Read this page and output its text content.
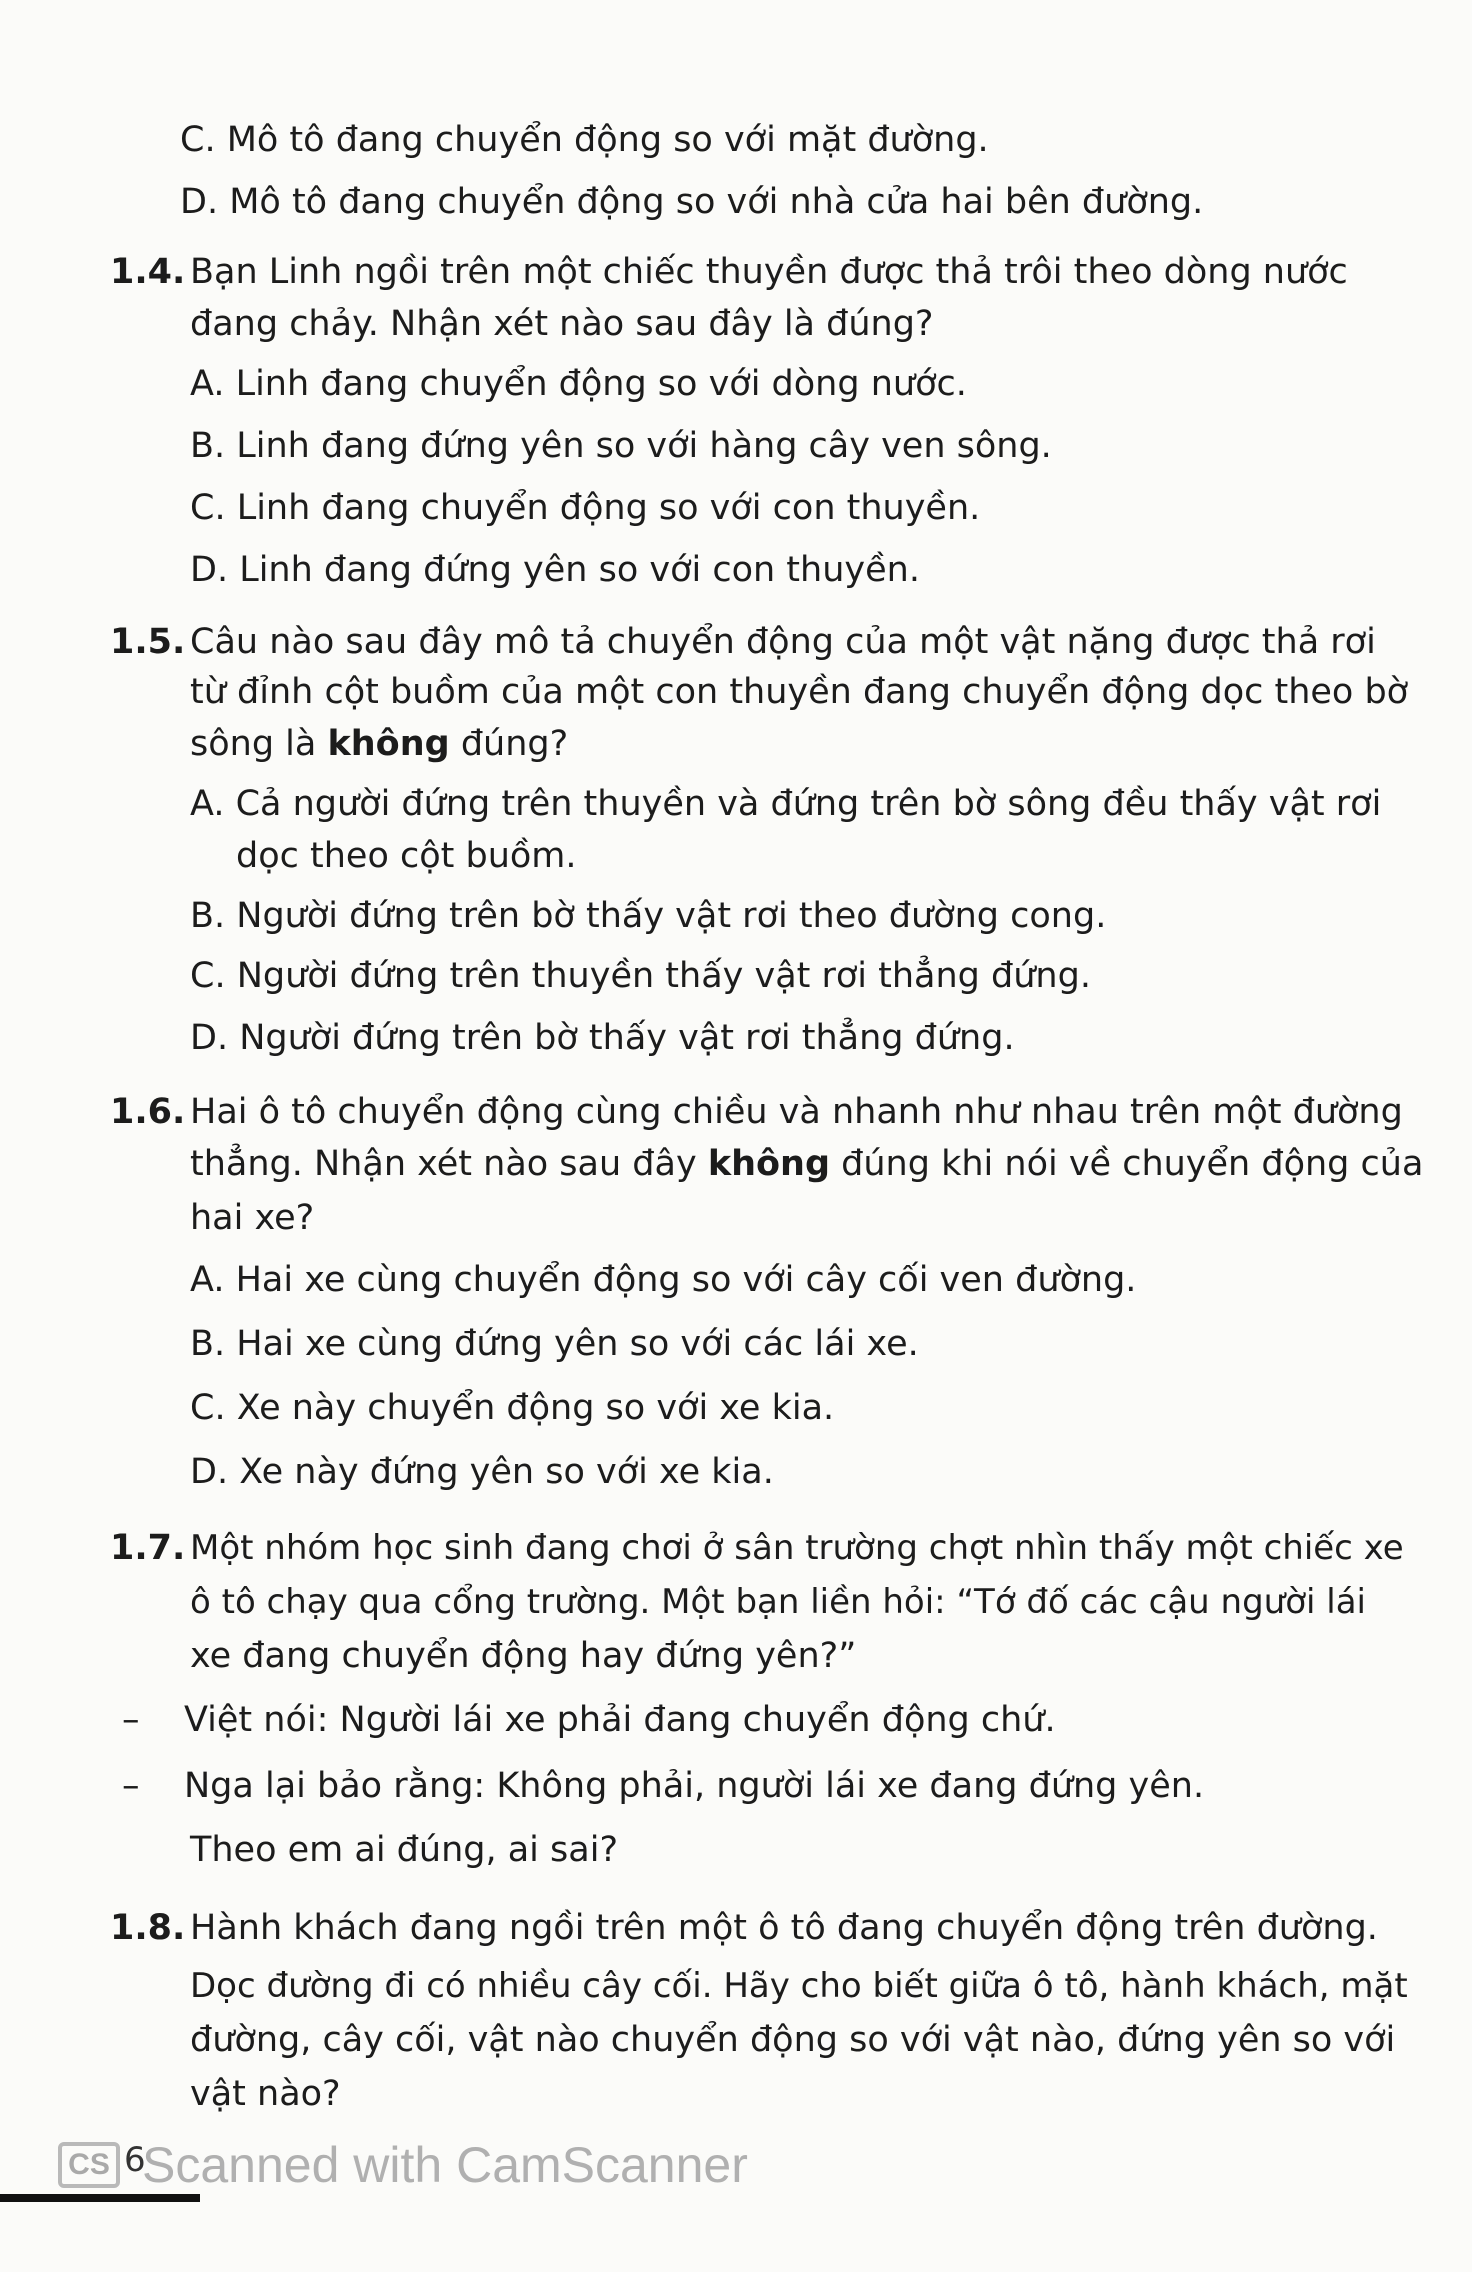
C. Mô tô đang chuyển động so với mặt đường.
D. Mô tô đang chuyển động so với nhà cửa hai bên đường.
1.4. Bạn Linh ngồi trên một chiếc thuyền được thả trôi theo dòng nước
đang chảy. Nhận xét nào sau đây là đúng?
A. Linh đang chuyển động so với dòng nước.
B. Linh đang đứng yên so với hàng cây ven sông.
C. Linh đang chuyển động so với con thuyền.
D. Linh đang đứng yên so với con thuyền.
1.5. Câu nào sau đây mô tả chuyển động của một vật nặng được thả rơi
từ đỉnh cột buồm của một con thuyền đang chuyển động dọc theo bờ
sông là không đúng?
A. Cả người đứng trên thuyền và đứng trên bờ sông đều thấy vật rơi
dọc theo cột buồm.
B. Người đứng trên bờ thấy vật rơi theo đường cong.
C. Người đứng trên thuyền thấy vật rơi thẳng đứng.
D. Người đứng trên bờ thấy vật rơi thẳng đứng.
1.6. Hai ô tô chuyển động cùng chiều và nhanh như nhau trên một đường
thẳng. Nhận xét nào sau đây không đúng khi nói về chuyển động của
hai xe?
A. Hai xe cùng chuyển động so với cây cối ven đường.
B. Hai xe cùng đứng yên so với các lái xe.
C. Xe này chuyển động so với xe kia.
D. Xe này đứng yên so với xe kia.
1.7. Một nhóm học sinh đang chơi ở sân trường chợt nhìn thấy một chiếc xe
ô tô chạy qua cổng trường. Một bạn liền hỏi: “Tớ đố các cậu người lái
xe đang chuyển động hay đứng yên?”
– Việt nói: Người lái xe phải đang chuyển động chứ.
– Nga lại bảo rằng: Không phải, người lái xe đang đứng yên.
Theo em ai đúng, ai sai?
1.8. Hành khách đang ngồi trên một ô tô đang chuyển động trên đường.
Dọc đường đi có nhiều cây cối. Hãy cho biết giữa ô tô, hành khách, mặt
đường, cây cối, vật nào chuyển động so với vật nào, đứng yên so với
vật nào?
CS 6
Scanned with CamScanner
